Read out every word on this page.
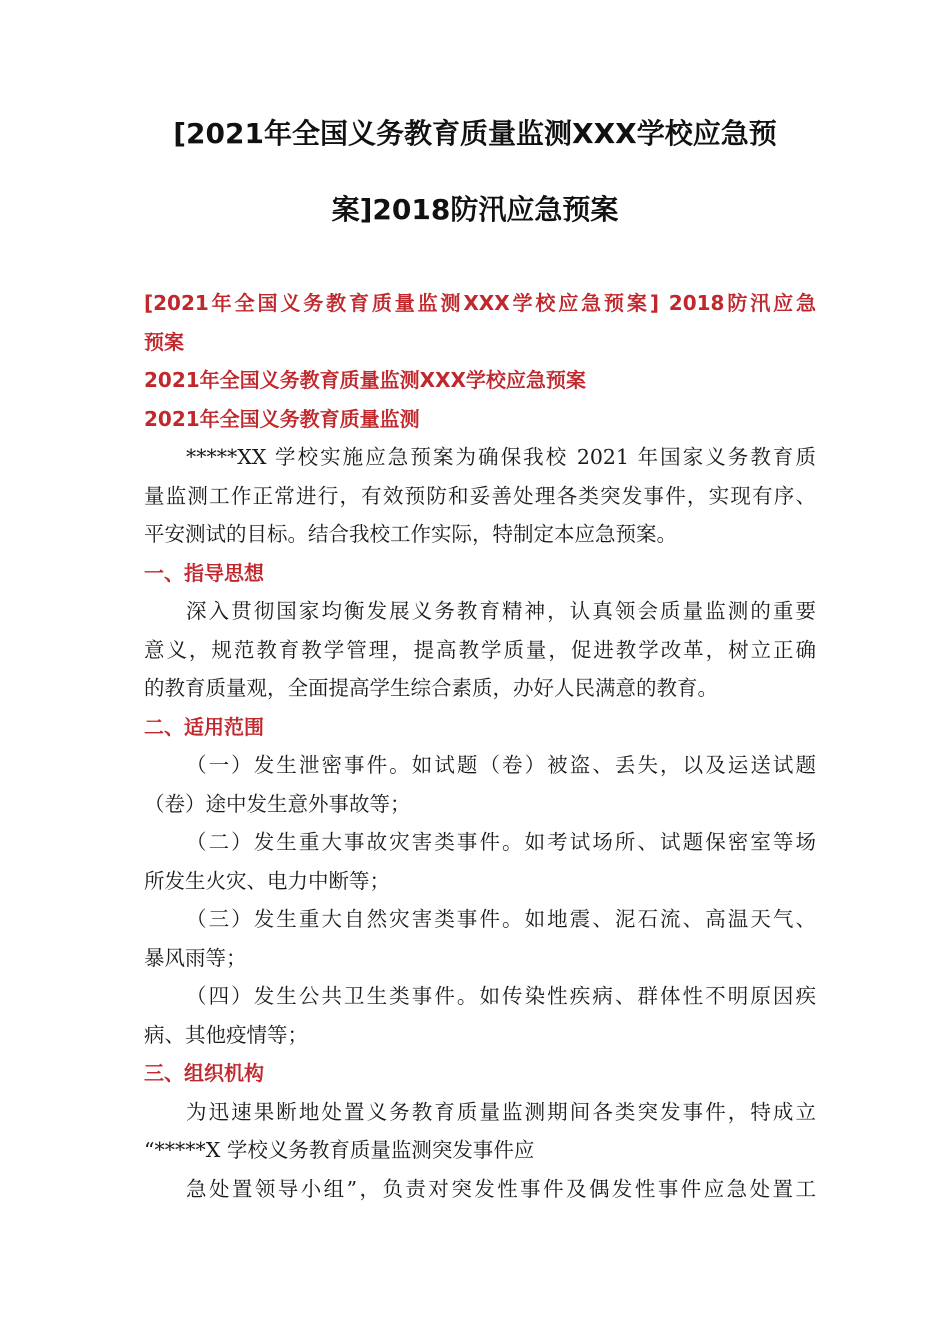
[2021年全国义务教育质量监测XXX学校应急预
案]2018防汛应急预案
[2021年全国义务教育质量监测XXX学校应急预案] 2018防汛应急
预案
2021年全国义务教育质量监测XXX学校应急预案
2021年全国义务教育质量监测
*****XX 学校实施应急预案为确保我校 2021 年国家义务教育质
量监测工作正常进行，有效预防和妥善处理各类突发事件，实现有序、
平安测试的目标。结合我校工作实际，特制定本应急预案。
一、指导思想
深入贯彻国家均衡发展义务教育精神，认真领会质量监测的重要
意义，规范教育教学管理，提高教学质量，促进教学改革，树立正确
的教育质量观，全面提高学生综合素质，办好人民满意的教育。
二、适用范围
（一）发生泄密事件。如试题（卷）被盗、丢失，以及运送试题
（卷）途中发生意外事故等；
（二）发生重大事故灾害类事件。如考试场所、试题保密室等场
所发生火灾、电力中断等；
（三）发生重大自然灾害类事件。如地震、泥石流、高温天气、
暴风雨等；
（四）发生公共卫生类事件。如传染性疾病、群体性不明原因疾
病、其他疫情等；
三、组织机构
为迅速果断地处置义务教育质量监测期间各类突发事件，特成立
“*****X 学校义务教育质量监测突发事件应
急处置领导小组”，负责对突发性事件及偶发性事件应急处置工
